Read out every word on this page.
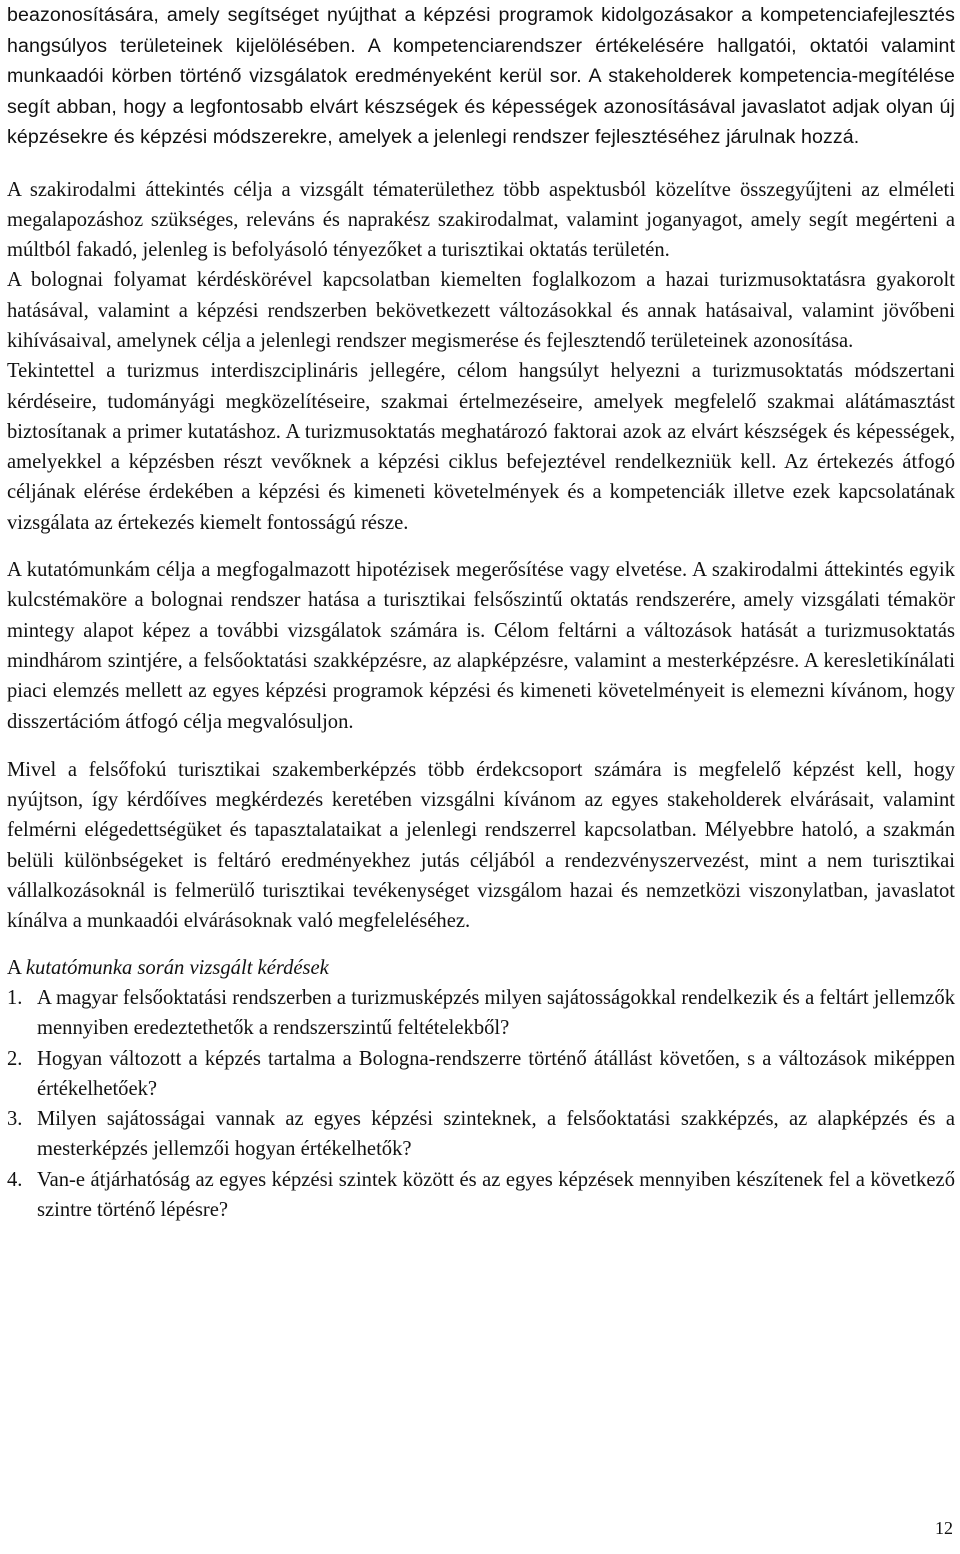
beazonosítására, amely segítséget nyújthat a képzési programok kidolgozásakor a kompetenciafejlesztés hangsúlyos területeinek kijelölésében. A kompetenciarendszer értékelésére hallgatói, oktatói valamint munkaadói körben történő vizsgálatok eredményeként kerül sor. A stakeholderek kompetencia-megítélése segít abban, hogy a legfontosabb elvárt készségek és képességek azonosításával javaslatot adjak olyan új képzésekre és képzési módszerekre, amelyek a jelenlegi rendszer fejlesztéséhez járulnak hozzá.

A szakirodalmi áttekintés célja a vizsgált tématerülethez több aspektusból közelítve összegyűjteni az elméleti megalapozáshoz szükséges, releváns és naprakész szakirodalmat, valamint joganyagot, amely segít megérteni a múltból fakadó, jelenleg is befolyásoló tényezőket a turisztikai oktatás területén.

A bolognai folyamat kérdéskörével kapcsolatban kiemelten foglalkozom a hazai turizmusoktatásra gyakorolt hatásával, valamint a képzési rendszerben bekövetkezett változásokkal és annak hatásaival, valamint jövőbeni kihívásaival, amelynek célja a jelenlegi rendszer megismerése és fejlesztendő területeinek azonosítása.

Tekintettel a turizmus interdiszciplináris jellegére, célom hangsúlyt helyezni a turizmusoktatás módszertani kérdéseire, tudományági megközelítéseire, szakmai értelmezéseire, amelyek megfelelő szakmai alátámasztást biztosítanak a primer kutatáshoz. A turizmusoktatás meghatározó faktorai azok az elvárt készségek és képességek, amelyekkel a képzésben részt vevőknek a képzési ciklus befejeztével rendelkezniük kell. Az értekezés átfogó céljának elérése érdekében a képzési és kimeneti követelmények és a kompetenciák illetve ezek kapcsolatának vizsgálata az értekezés kiemelt fontosságú része.

A kutatómunkám célja a megfogalmazott hipotézisek megerősítése vagy elvetése. A szakirodalmi áttekintés egyik kulcstémaköre a bolognai rendszer hatása a turisztikai felsőszintű oktatás rendszerére, amely vizsgálati témakör mintegy alapot képez a további vizsgálatok számára is. Célom feltárni a változások hatását a turizmusoktatás mindhárom szintjére, a felsőoktatási szakképzésre, az alapképzésre, valamint a mesterképzésre. A keresletikínálati piaci elemzés mellett az egyes képzési programok képzési és kimeneti követelményeit is elemezni kívánom, hogy disszertációm átfogó célja megvalósuljon.

Mivel a felsőfokú turisztikai szakemberképzés több érdekcsoport számára is megfelelő képzést kell, hogy nyújtson, így kérdőíves megkérdezés keretében vizsgálni kívánom az egyes stakeholderek elvárásait, valamint felmérni elégedettségüket és tapasztalataikat a jelenlegi rendszerrel kapcsolatban. Mélyebbre hatoló, a szakmán belüli különbségeket is feltáró eredményekhez jutás céljából a rendezvényszervezést, mint a nem turisztikai vállalkozásoknál is felmerülő turisztikai tevékenységet vizsgálom hazai és nemzetközi viszonylatban, javaslatot kínálva a munkaadói elvárásoknak való megfeleléséhez.

A kutatómunka során vizsgált kérdések
1. A magyar felsőoktatási rendszerben a turizmusképzés milyen sajátosságokkal rendelkezik és a feltárt jellemzők mennyiben eredeztethetők a rendszerszintű feltételekből?
2. Hogyan változott a képzés tartalma a Bologna-rendszerre történő átállást követően, s a változások miképpen értékelhetőek?
3. Milyen sajátosságai vannak az egyes képzési szinteknek, a felsőoktatási szakképzés, az alapképzés és a mesterképzés jellemzői hogyan értékelhetők?
4. Van-e átjárhatóság az egyes képzési szintek között és az egyes képzések mennyiben készítenek fel a következő szintre történő lépésre?
12
